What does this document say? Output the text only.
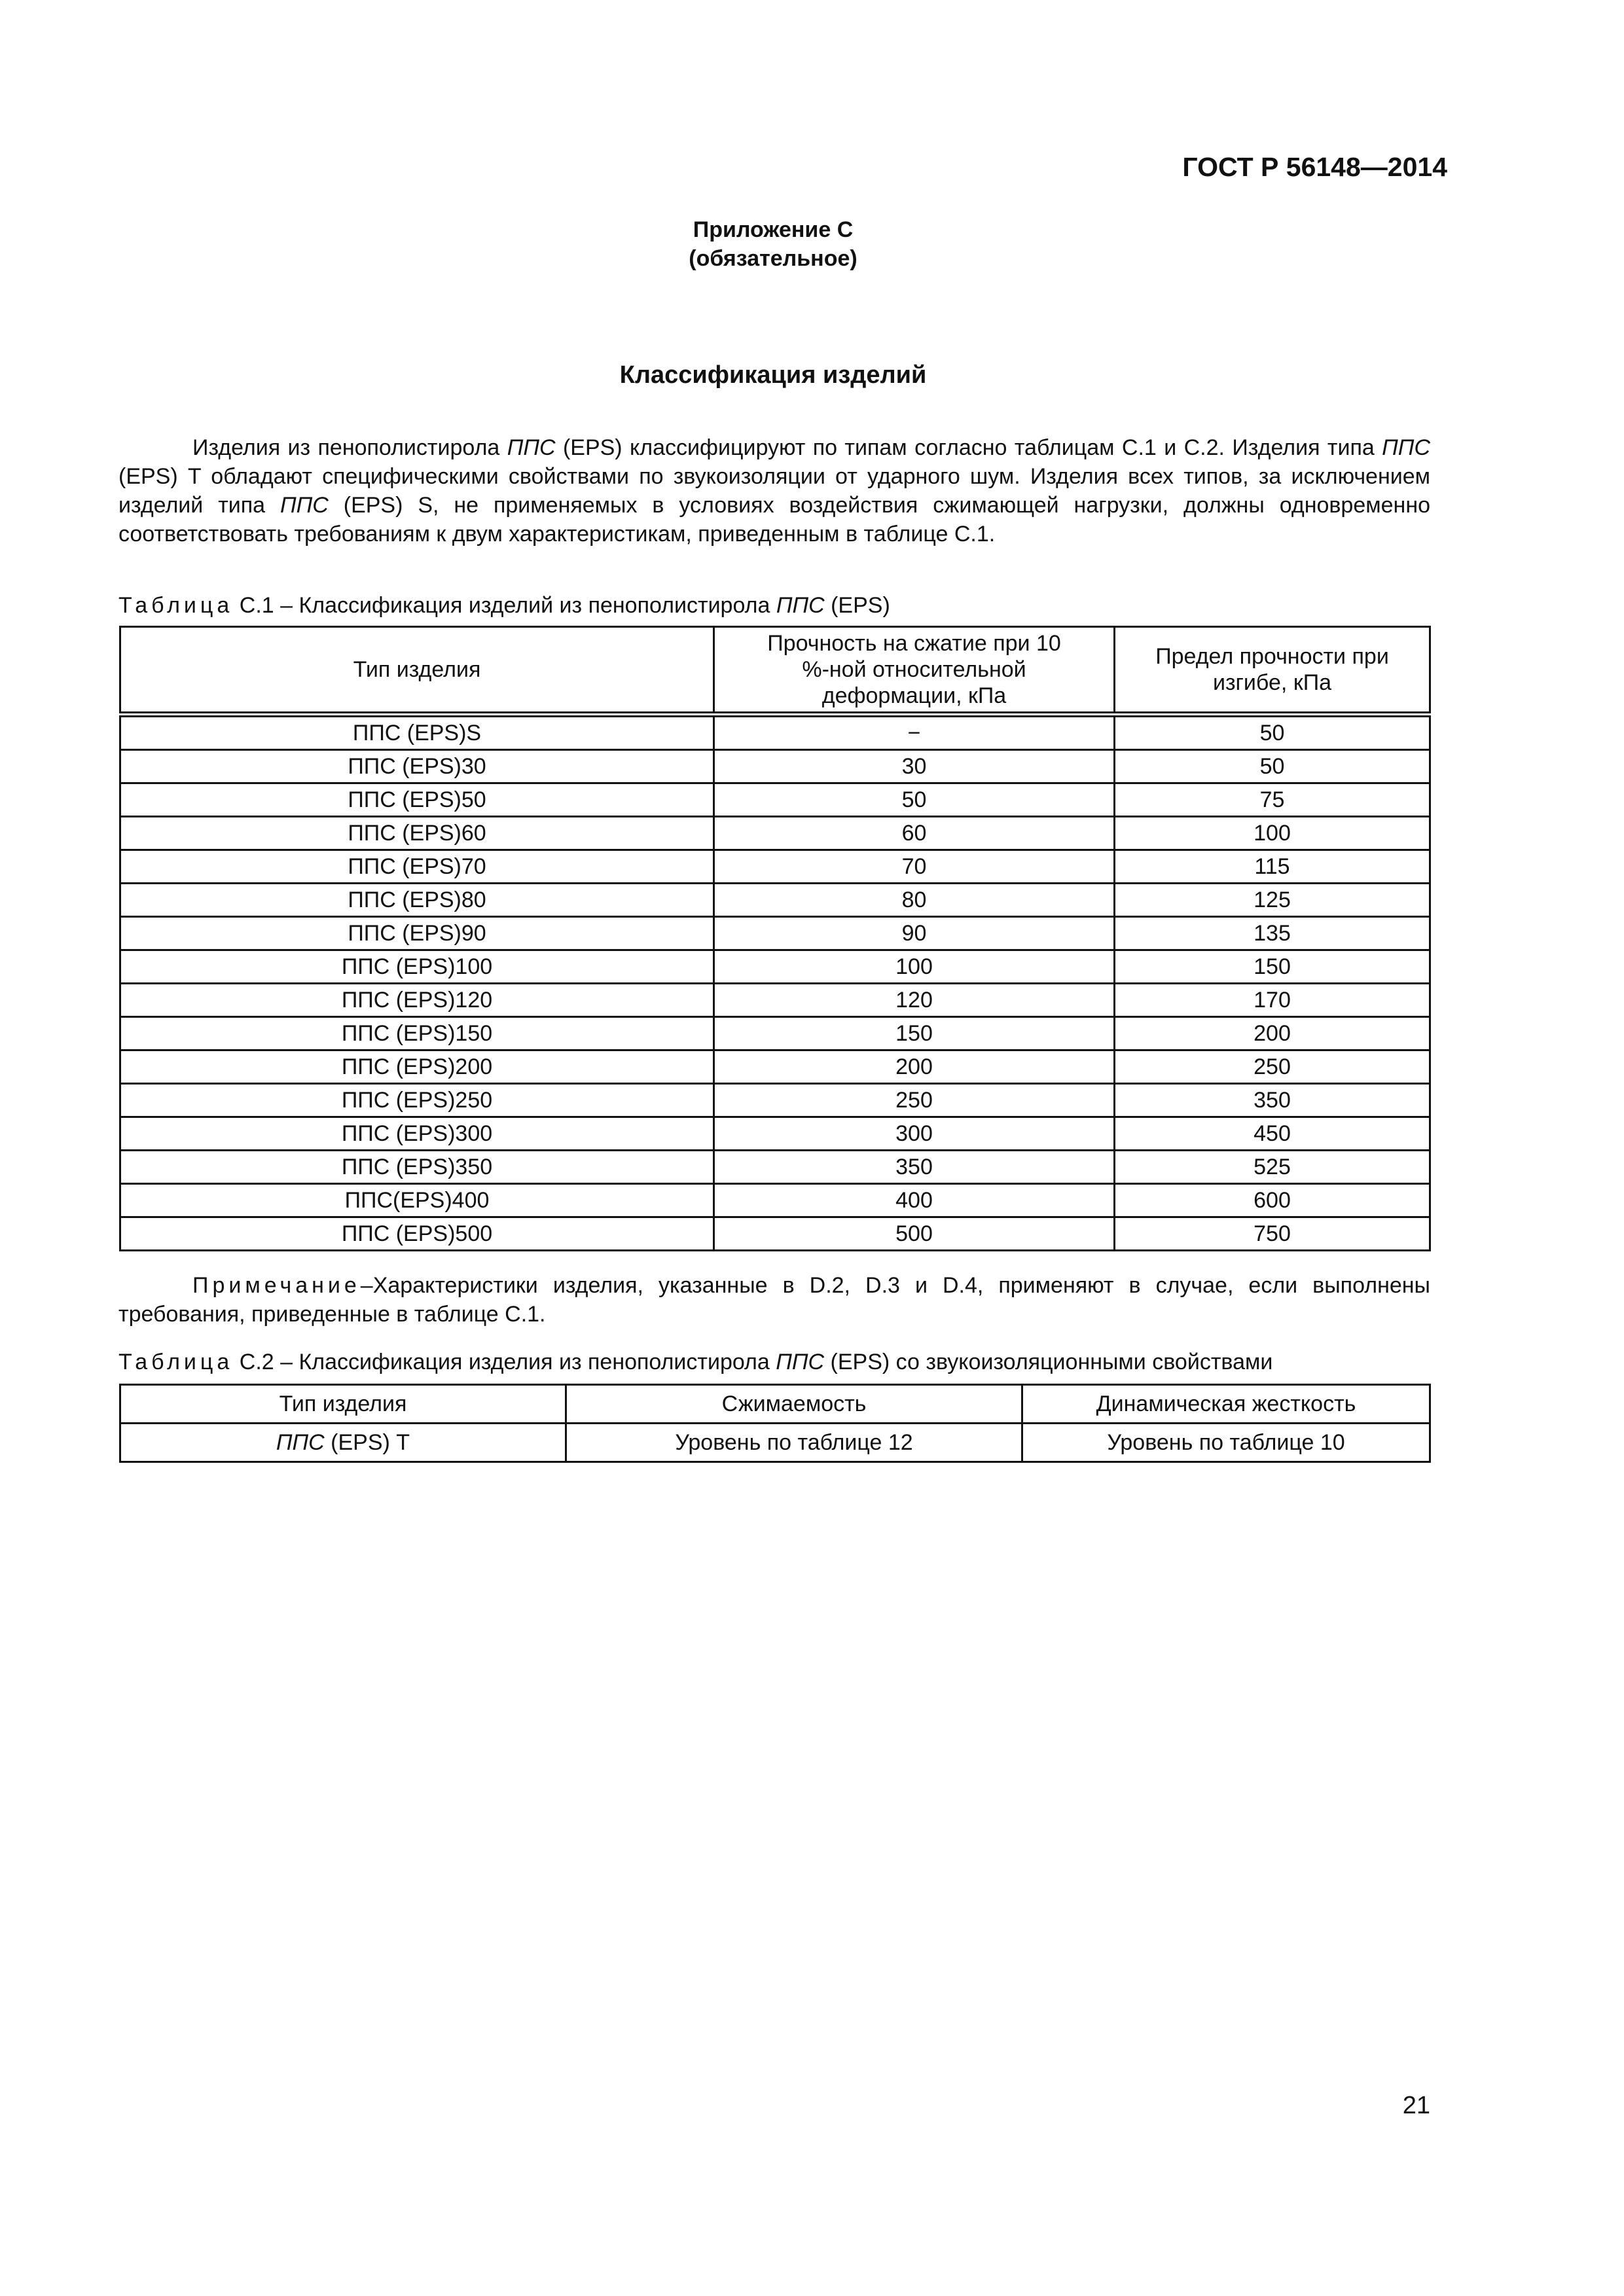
ГОСТ Р 56148—2014
Приложение С
(обязательное)
Классификация изделий

Изделия из пенополистирола ППС (EPS) классифицируют по типам согласно таблицам С.1 и С.2. Изделия типа ППС (EPS) T обладают специфическими свойствами по звукоизоляции от ударного шум. Изделия всех типов, за исключением изделий типа ППС (EPS) S, не применяемых в условиях воздействия сжимающей нагрузки, должны одновременно соответствовать требованиям к двум характеристикам, приведенным в таблице С.1.

Таблица С.1 – Классификация изделий из пенополистирола ППС (EPS)
Тип изделия	Прочность на сжатие при 10 %-ной относительной деформации, кПа	Предел прочности при изгибе, кПа
ППС (EPS)S	−	50
ППС (EPS)30	30	50
ППС (EPS)50	50	75
ППС (EPS)60	60	100
ППС (EPS)70	70	115
ППС (EPS)80	80	125
ППС (EPS)90	90	135
ППС (EPS)100	100	150
ППС (EPS)120	120	170
ППС (EPS)150	150	200
ППС (EPS)200	200	250
ППС (EPS)250	250	350
ППС (EPS)300	300	450
ППС (EPS)350	350	525
ППС(EPS)400	400	600
ППС (EPS)500	500	750

Примечание–Характеристики изделия, указанные в D.2, D.3 и D.4, применяют в случае, если выполнены требования, приведенные в таблице С.1.

Таблица С.2 – Классификация изделия из пенополистирола ППС (EPS) со звукоизоляционными свойствами
Тип изделия	Сжимаемость	Динамическая жесткость
ППС (EPS) T	Уровень по таблице 12	Уровень по таблице 10
21
